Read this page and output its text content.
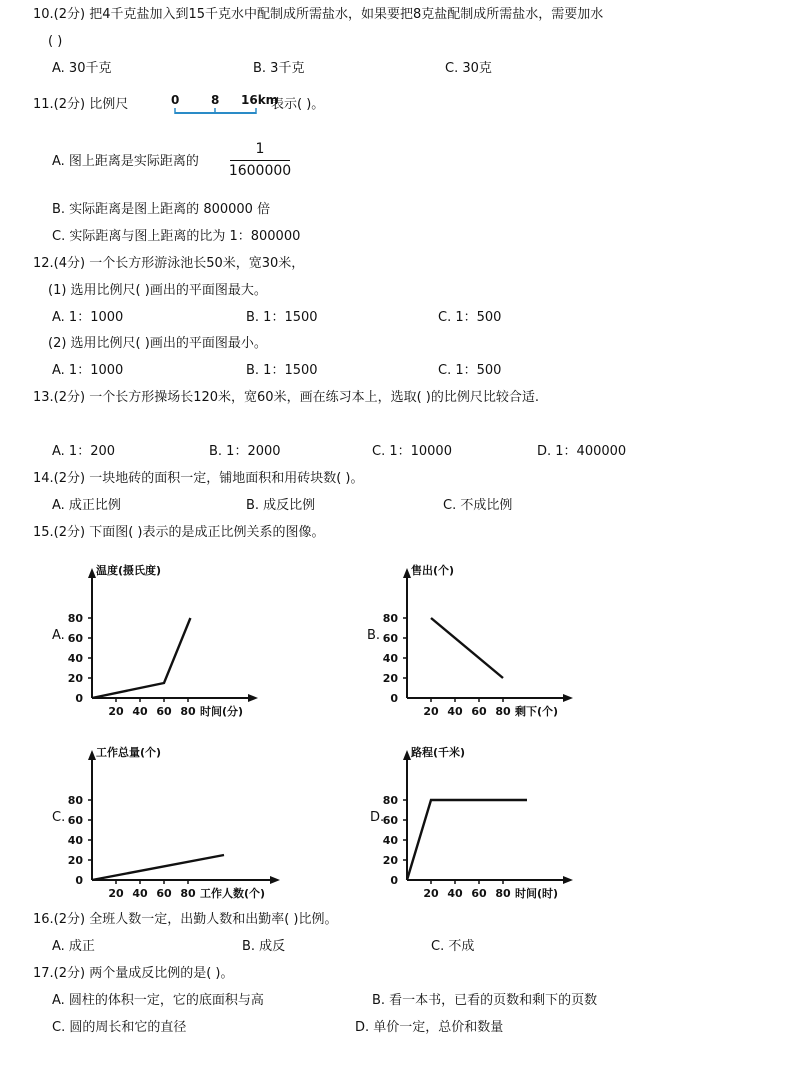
10.(2分) 把4千克盐加入到15千克水中配制成所需盐水，如果要把8克盐配制成所需盐水，需要加水
( )
A. 30千克	B. 3千克	C. 30克
11.(2分) 比例尺	0	8 16km
表示( )。
A. 图上距离是实际距离的
1
1600000
B. 实际距离是图上距离的 800000 倍
C. 实际距离与图上距离的比为 1：800000
12.(4分) 一个长方形游泳池长50米，宽30米，
(1) 选用比例尺( )画出的平面图最大。
A. 1：1000	B. 1：1500	C. 1：500
(2) 选用比例尺( )画出的平面图最小。
A. 1：1000	B. 1：1500	C. 1：500
13.(2分) 一个长方形操场长120米，宽60米，画在练习本上，选取( )的比例尺比较合适.
A. 1：200	B. 1：2000	C. 1：10000	D. 1：400000
14.(2分) 一块地砖的面积一定，铺地面积和用砖块数( )。
A. 成正比例	B. 成反比例	C. 不成比例
15.(2分) 下面图( )表示的是成正比例关系的图像。
A.	B.
C.	D.
温度(摄氏度)
0
20
40
60
80
20 40 60 80 时间(分)
售出(个)
0
20
40
60
80
20 40 60 80 剩下(个)
工作总量(个)
0
20
40
60
80
20 40 60 80 工作人数(个)
路程(千米)
0
20
40
60
80
20 40 60 80 时间(时)
16.(2分) 全班人数一定，出勤人数和出勤率( )比例。
A. 成正	B. 成反	C. 不成
17.(2分) 两个量成反比例的是( )。
A. 圆柱的体积一定，它的底面积与高	B. 看一本书，已看的页数和剩下的页数
C. 圆的周长和它的直径	D. 单价一定，总价和数量
